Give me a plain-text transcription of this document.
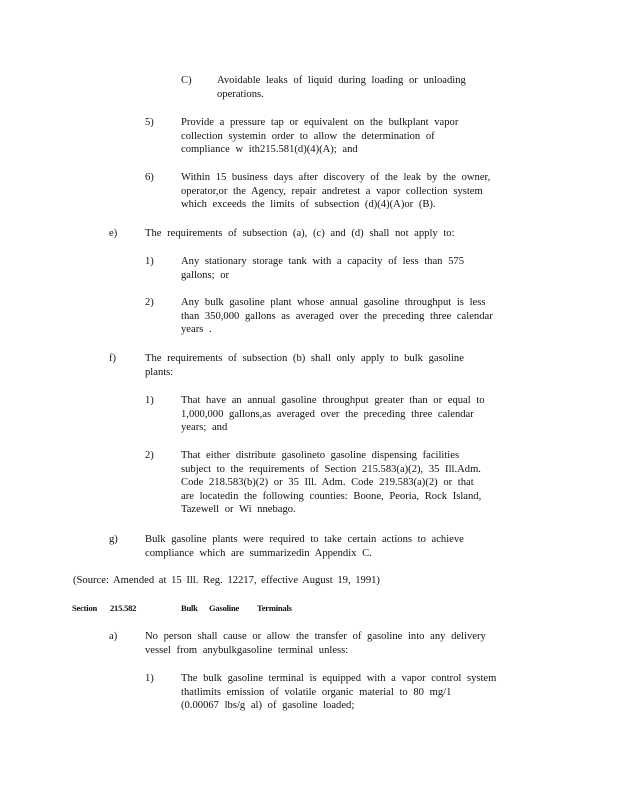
C) Avoidable leaks of liquid during loading or unloading
operations.
5)	Provide a pressure tap or equivalent on the bulkplant vapor
collection systemin order to allow the determination of
compliance w ith215.581(d)(4)(A); and
6)	Within 15 business days after discovery of the leak by the owner,
operator,or the Agency, repair andretest a vapor collection system
which exceeds the limits of subsection (d)(4)(A)or (B).
e)	The requirements of subsection (a), (c) and (d) shall not apply to:
1)	Any stationary storage tank with a capacity of less than 575
gallons; or
2)	Any bulk gasoline plant whose annual gasoline throughput is less
than 350,000 gallons as averaged over the preceding three calendar
years .
f)	The requirements of subsection (b) shall only apply to bulk gasoline
plants:
1)	That have an annual gasoline throughput greater than or equal to
1,000,000 gallons,as averaged over the preceding three calendar
years; and
2)	That either distribute gasolineto gasoline dispensing facilities
subject to the requirements of Section 215.583(a)(2), 35 Ill.Adm.
Code 218.583(b)(2) or 35 Ill. Adm. Code 219.583(a)(2) or that
are locatedin the following counties: Boone, Peoria, Rock Island,
Tazewell or Wi nnebago.
g)	Bulk gasoline plants were required to take certain actions to achieve
compliance which are summarizedin Appendix C.
(Source: Amended at 15 Ill. Reg. 12217, effective August 19, 1991)
Section 215.582	Bulk Gasoline Terminals
a)	No person shall cause or allow the transfer of gasoline into any delivery
vessel from anybulkgasoline terminal unless:
1)	The bulk gasoline terminal is equipped with a vapor control system
thatlimits emission of volatile organic material to 80 mg/1
(0.00067 lbs/g al) of gasoline loaded;
